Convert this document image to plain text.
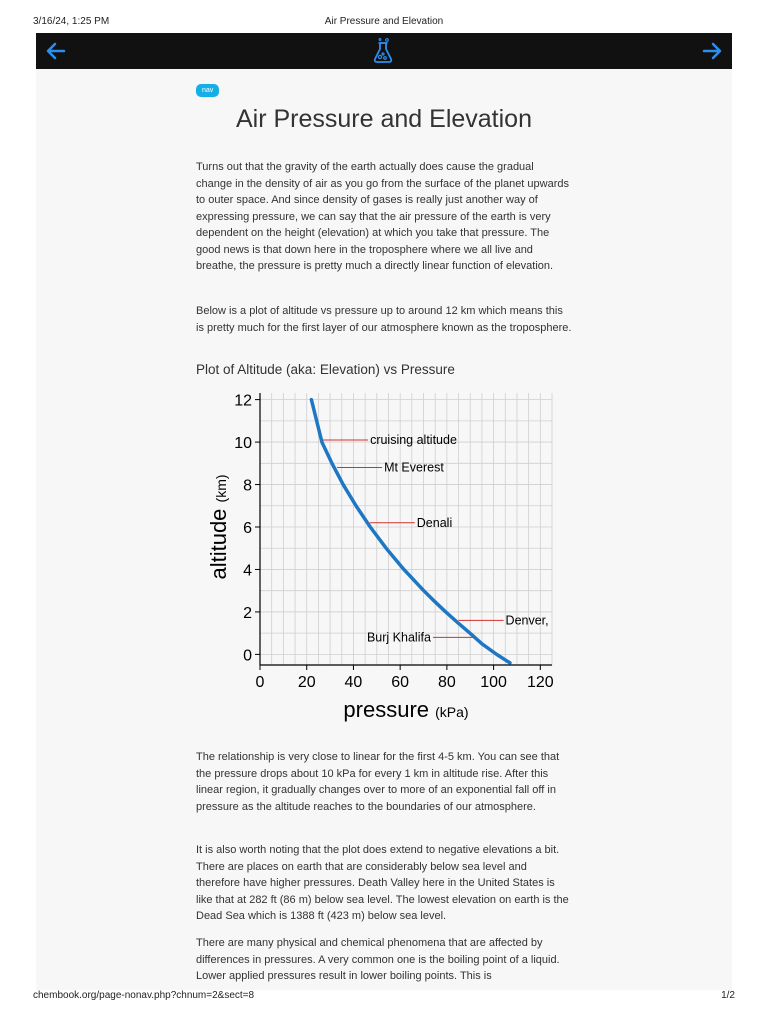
3/16/24, 1:25 PM	Air Pressure and Elevation
nav
Air Pressure and Elevation

Turns out that the gravity of the earth actually does cause the gradual change in the density of air as you go from the surface of the planet upwards to outer space. And since density of gases is really just another way of expressing pressure, we can say that the air pressure of the earth is very dependent on the height (elevation) at which you take that pressure. The good news is that down here in the troposphere where we all live and breathe, the pressure is pretty much a directly linear function of elevation.

Below is a plot of altitude vs pressure up to around 12 km which means this is pretty much for the first layer of our atmosphere known as the troposphere.

Plot of Altitude (aka: Elevation) vs Pressure
0 20 40 60 80 100 120
0
2
4
6
8
10
12
pressure (kPa)
altitude (km)
cruising altitude
Mt Everest
Denali
Denver,
Burj Khalifa

The relationship is very close to linear for the first 4-5 km. You can see that the pressure drops about 10 kPa for every 1 km in altitude rise. After this linear region, it gradually changes over to more of an exponential fall off in pressure as the altitude reaches to the boundaries of our atmosphere.

It is also worth noting that the plot does extend to negative elevations a bit. There are places on earth that are considerably below sea level and therefore have higher pressures. Death Valley here in the United States is like that at 282 ft (86 m) below sea level. The lowest elevation on earth is the Dead Sea which is 1388 ft (423 m) below sea level.

There are many physical and chemical phenomena that are affected by differences in pressures. A very common one is the boiling point of a liquid. Lower applied pressures result in lower boiling points. This is

chembook.org/page-nonav.php?chnum=2&sect=8	1/2
